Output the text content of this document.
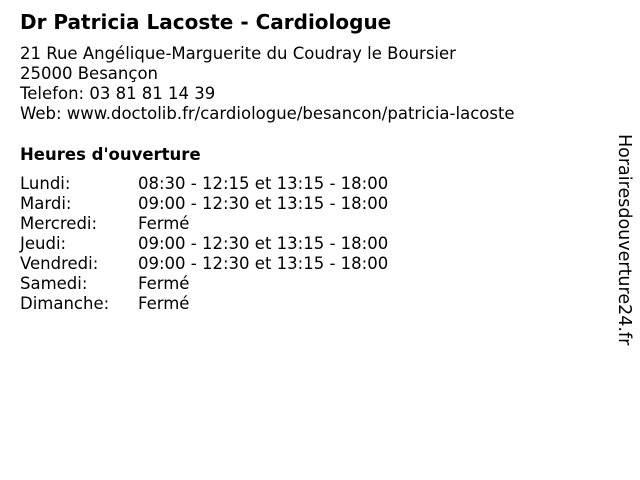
Dr Patricia Lacoste - Cardiologue
21 Rue Angélique-Marguerite du Coudray le Boursier
25000 Besançon
Telefon: 03 81 81 14 39
Web: www.doctolib.fr/cardiologue/besancon/patricia-lacoste
Heures d'ouverture
Lundi:	08:30 - 12:15 et 13:15 - 18:00
Mardi:	09:00 - 12:30 et 13:15 - 18:00
Mercredi:	Fermé
Jeudi:	09:00 - 12:30 et 13:15 - 18:00
Vendredi:	09:00 - 12:30 et 13:15 - 18:00
Samedi:	Fermé
Dimanche:	Fermé	Horairesdouverture24.fr
